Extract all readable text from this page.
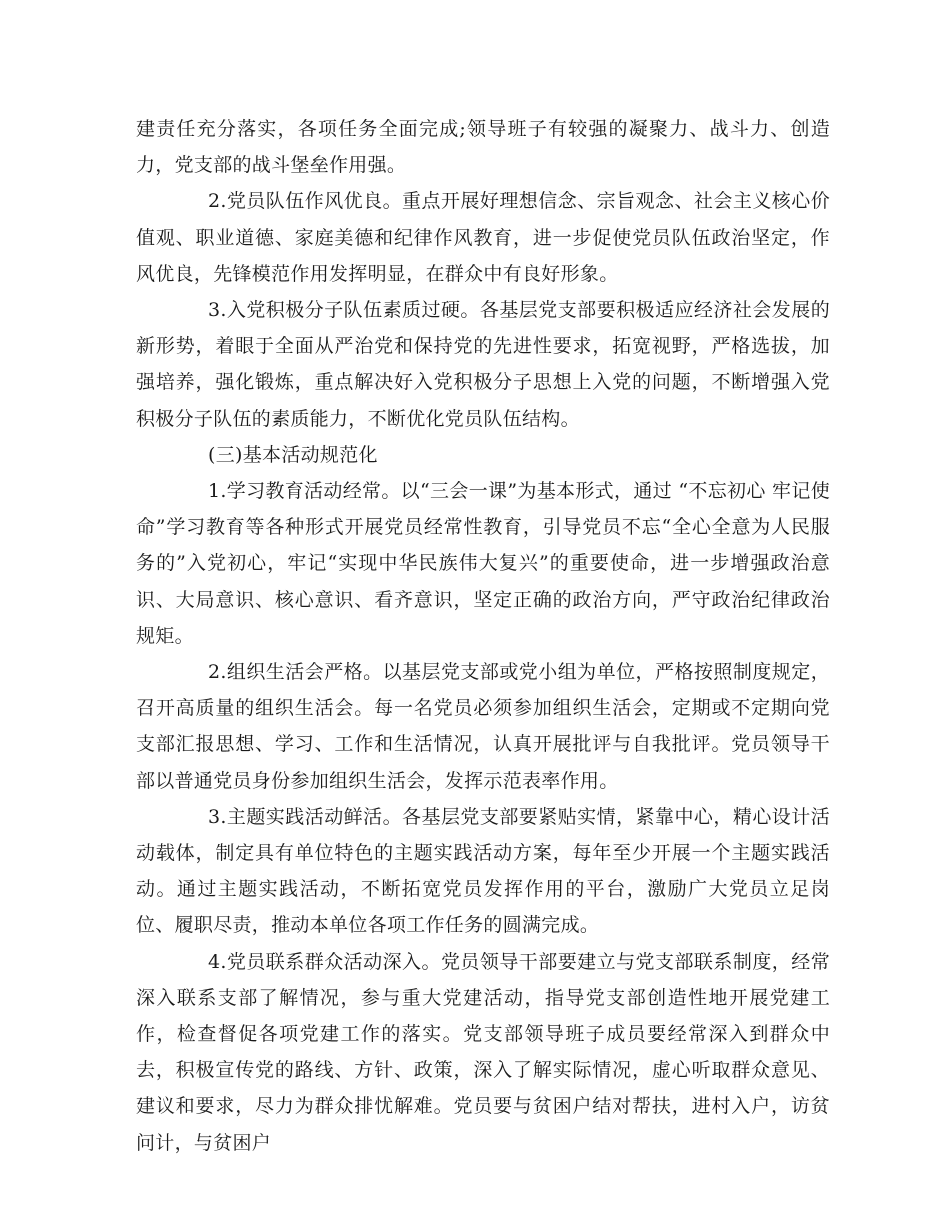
建责任充分落实，各项任务全面完成;领导班子有较强的凝聚力、战斗力、创造力，党支部的战斗堡垒作用强。

2.党员队伍作风优良。重点开展好理想信念、宗旨观念、社会主义核心价值观、职业道德、家庭美德和纪律作风教育，进一步促使党员队伍政治坚定，作风优良，先锋模范作用发挥明显，在群众中有良好形象。

3.入党积极分子队伍素质过硬。各基层党支部要积极适应经济社会发展的新形势，着眼于全面从严治党和保持党的先进性要求，拓宽视野，严格选拔，加强培养，强化锻炼，重点解决好入党积极分子思想上入党的问题，不断增强入党积极分子队伍的素质能力，不断优化党员队伍结构。

(三)基本活动规范化

1.学习教育活动经常。以“三会一课”为基本形式，通过 “不忘初心 牢记使命”学习教育等各种形式开展党员经常性教育，引导党员不忘“全心全意为人民服务的”入党初心，牢记“实现中华民族伟大复兴”的重要使命，进一步增强政治意识、大局意识、核心意识、看齐意识，坚定正确的政治方向，严守政治纪律政治规矩。

2.组织生活会严格。以基层党支部或党小组为单位，严格按照制度规定，召开高质量的组织生活会。每一名党员必须参加组织生活会，定期或不定期向党支部汇报思想、学习、工作和生活情况，认真开展批评与自我批评。党员领导干部以普通党员身份参加组织生活会，发挥示范表率作用。

3.主题实践活动鲜活。各基层党支部要紧贴实情，紧靠中心，精心设计活动载体，制定具有单位特色的主题实践活动方案，每年至少开展一个主题实践活动。通过主题实践活动，不断拓宽党员发挥作用的平台，激励广大党员立足岗位、履职尽责，推动本单位各项工作任务的圆满完成。

4.党员联系群众活动深入。党员领导干部要建立与党支部联系制度，经常深入联系支部了解情况，参与重大党建活动，指导党支部创造性地开展党建工作，检查督促各项党建工作的落实。党支部领导班子成员要经常深入到群众中去，积极宣传党的路线、方针、政策，深入了解实际情况，虚心听取群众意见、建议和要求，尽力为群众排忧解难。党员要与贫困户结对帮扶，进村入户，访贫问计，与贫困户
